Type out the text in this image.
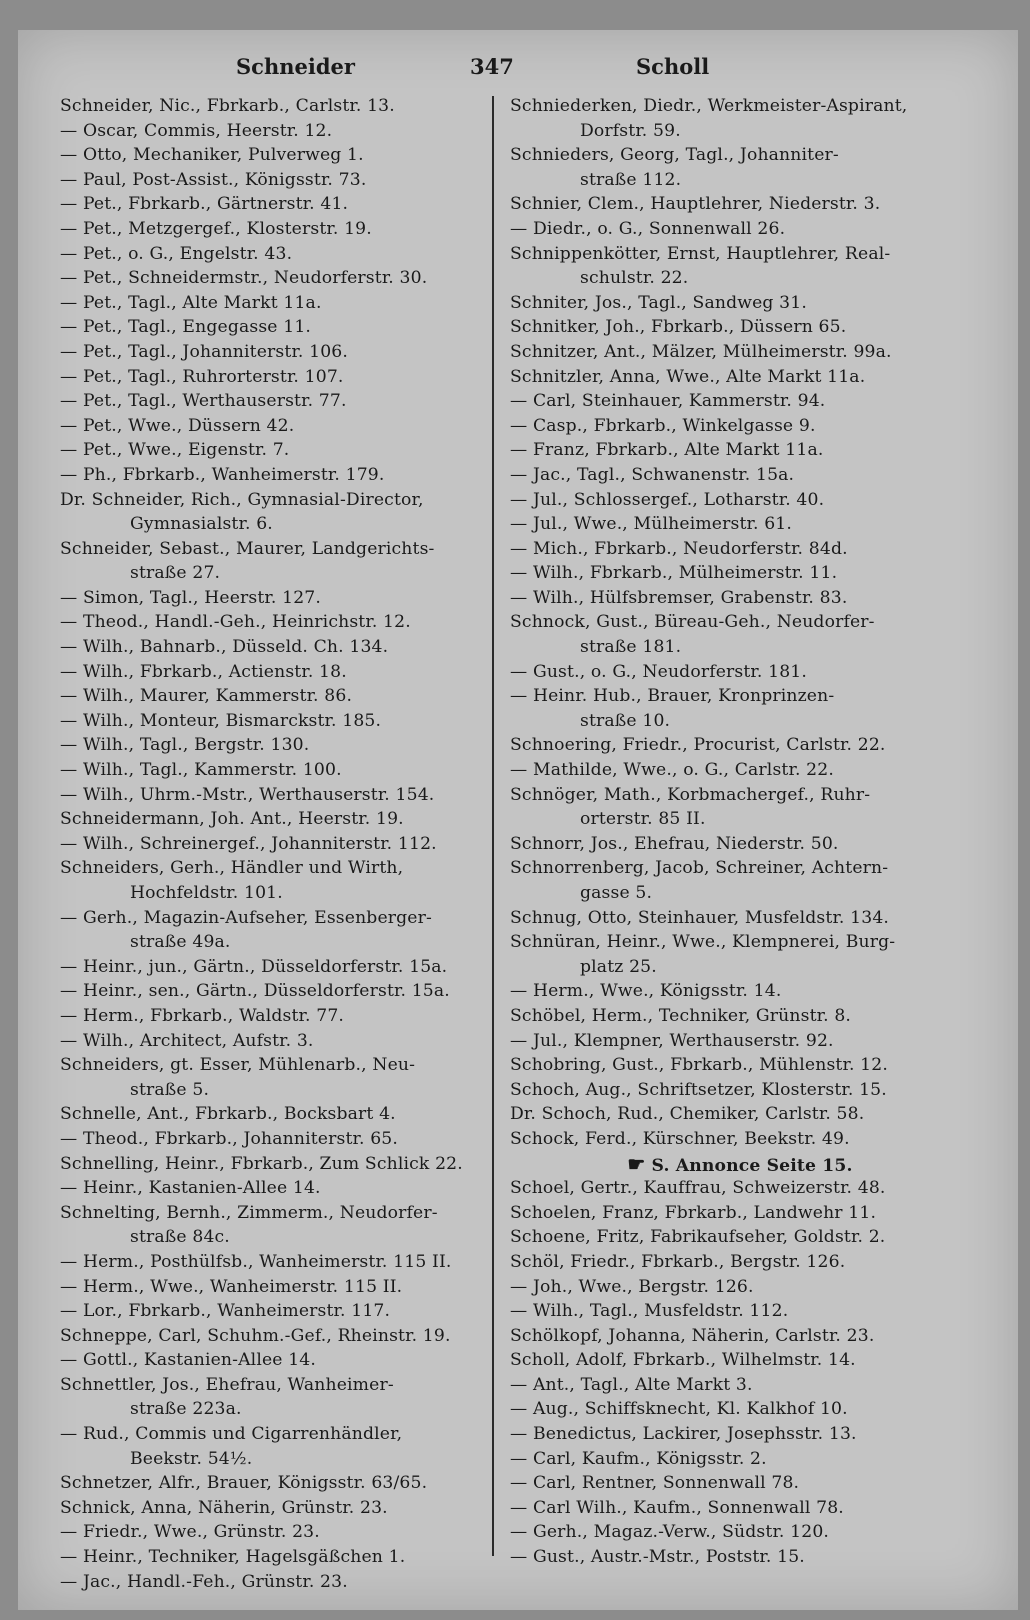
Schneider	347	Scholl
Schneider, Nic., Fbrkarb., Carlstr. 13.
— Oscar, Commis, Heerstr. 12.
— Otto, Mechaniker, Pulverweg 1.
— Paul, Post-Assist., Königsstr. 73.
— Pet., Fbrkarb., Gärtnerstr. 41.
— Pet., Metzgergef., Klosterstr. 19.
— Pet., o. G., Engelstr. 43.
— Pet., Schneidermstr., Neudorferstr. 30.
— Pet., Tagl., Alte Markt 11a.
— Pet., Tagl., Engegasse 11.
— Pet., Tagl., Johanniterstr. 106.
— Pet., Tagl., Ruhrorterstr. 107.
— Pet., Tagl., Werthauserstr. 77.
— Pet., Wwe., Düssern 42.
— Pet., Wwe., Eigenstr. 7.
— Ph., Fbrkarb., Wanheimerstr. 179.
Dr. Schneider, Rich., Gymnasial-Director,
Gymnasialstr. 6.
Schneider, Sebast., Maurer, Landgerichts-
straße 27.
— Simon, Tagl., Heerstr. 127.
— Theod., Handl.-Geh., Heinrichstr. 12.
— Wilh., Bahnarb., Düsseld. Ch. 134.
— Wilh., Fbrkarb., Actienstr. 18.
— Wilh., Maurer, Kammerstr. 86.
— Wilh., Monteur, Bismarckstr. 185.
— Wilh., Tagl., Bergstr. 130.
— Wilh., Tagl., Kammerstr. 100.
— Wilh., Uhrm.-Mstr., Werthauserstr. 154.
Schneidermann, Joh. Ant., Heerstr. 19.
— Wilh., Schreinergef., Johanniterstr. 112.
Schneiders, Gerh., Händler und Wirth,
Hochfeldstr. 101.
— Gerh., Magazin-Aufseher, Essenberger-
straße 49a.
— Heinr., jun., Gärtn., Düsseldorferstr. 15a.
— Heinr., sen., Gärtn., Düsseldorferstr. 15a.
— Herm., Fbrkarb., Waldstr. 77.
— Wilh., Architect, Aufstr. 3.
Schneiders, gt. Esser, Mühlenarb., Neu-
straße 5.
Schnelle, Ant., Fbrkarb., Bocksbart 4.
— Theod., Fbrkarb., Johanniterstr. 65.
Schnelling, Heinr., Fbrkarb., Zum Schlick 22.
— Heinr., Kastanien-Allee 14.
Schnelting, Bernh., Zimmerm., Neudorfer-
straße 84c.
— Herm., Posthülfsb., Wanheimerstr. 115 II.
— Herm., Wwe., Wanheimerstr. 115 II.
— Lor., Fbrkarb., Wanheimerstr. 117.
Schneppe, Carl, Schuhm.-Gef., Rheinstr. 19.
— Gottl., Kastanien-Allee 14.
Schnettler, Jos., Ehefrau, Wanheimer-
straße 223a.
— Rud., Commis und Cigarrenhändler,
Beekstr. 54½.
Schnetzer, Alfr., Brauer, Königsstr. 63/65.
Schnick, Anna, Näherin, Grünstr. 23.
— Friedr., Wwe., Grünstr. 23.
— Heinr., Techniker, Hagelsgäßchen 1.
— Jac., Handl.-Feh., Grünstr. 23.
Schniederken, Diedr., Werkmeister-Aspirant,
Dorfstr. 59.
Schnieders, Georg, Tagl., Johanniter-
straße 112.
Schnier, Clem., Hauptlehrer, Niederstr. 3.
— Diedr., o. G., Sonnenwall 26.
Schnippenkötter, Ernst, Hauptlehrer, Real-
schulstr. 22.
Schniter, Jos., Tagl., Sandweg 31.
Schnitker, Joh., Fbrkarb., Düssern 65.
Schnitzer, Ant., Mälzer, Mülheimerstr. 99a.
Schnitzler, Anna, Wwe., Alte Markt 11a.
— Carl, Steinhauer, Kammerstr. 94.
— Casp., Fbrkarb., Winkelgasse 9.
— Franz, Fbrkarb., Alte Markt 11a.
— Jac., Tagl., Schwanenstr. 15a.
— Jul., Schlossergef., Lotharstr. 40.
— Jul., Wwe., Mülheimerstr. 61.
— Mich., Fbrkarb., Neudorferstr. 84d.
— Wilh., Fbrkarb., Mülheimerstr. 11.
— Wilh., Hülfsbremser, Grabenstr. 83.
Schnock, Gust., Büreau-Geh., Neudorfer-
straße 181.
— Gust., o. G., Neudorferstr. 181.
— Heinr. Hub., Brauer, Kronprinzen-
straße 10.
Schnoering, Friedr., Procurist, Carlstr. 22.
— Mathilde, Wwe., o. G., Carlstr. 22.
Schnöger, Math., Korbmachergef., Ruhr-
orterstr. 85 II.
Schnorr, Jos., Ehefrau, Niederstr. 50.
Schnorrenberg, Jacob, Schreiner, Achtern-
gasse 5.
Schnug, Otto, Steinhauer, Musfeldstr. 134.
Schnüran, Heinr., Wwe., Klempnerei, Burg-
platz 25.
— Herm., Wwe., Königsstr. 14.
Schöbel, Herm., Techniker, Grünstr. 8.
— Jul., Klempner, Werthauserstr. 92.
Schobring, Gust., Fbrkarb., Mühlenstr. 12.
Schoch, Aug., Schriftsetzer, Klosterstr. 15.
Dr. Schoch, Rud., Chemiker, Carlstr. 58.
Schock, Ferd., Kürschner, Beekstr. 49.
☛ S. Annonce Seite 15.
Schoel, Gertr., Kauffrau, Schweizerstr. 48.
Schoelen, Franz, Fbrkarb., Landwehr 11.
Schoene, Fritz, Fabrikaufseher, Goldstr. 2.
Schöl, Friedr., Fbrkarb., Bergstr. 126.
— Joh., Wwe., Bergstr. 126.
— Wilh., Tagl., Musfeldstr. 112.
Schölkopf, Johanna, Näherin, Carlstr. 23.
Scholl, Adolf, Fbrkarb., Wilhelmstr. 14.
— Ant., Tagl., Alte Markt 3.
— Aug., Schiffsknecht, Kl. Kalkhof 10.
— Benedictus, Lackirer, Josephsstr. 13.
— Carl, Kaufm., Königsstr. 2.
— Carl, Rentner, Sonnenwall 78.
— Carl Wilh., Kaufm., Sonnenwall 78.
— Gerh., Magaz.-Verw., Südstr. 120.
— Gust., Austr.-Mstr., Poststr. 15.
